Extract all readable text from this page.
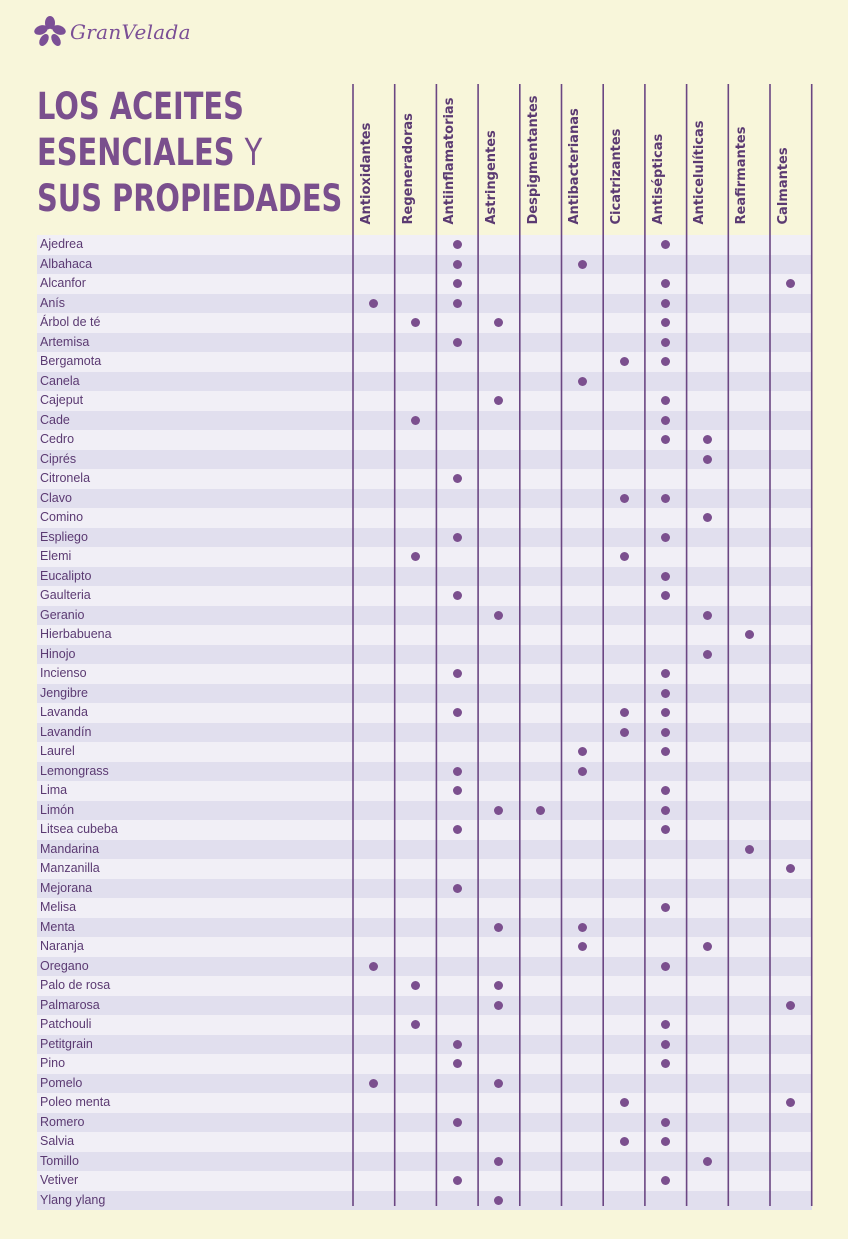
GranVelada
LOS ACEITES
ESENCIALES Y
SUS PROPIEDADES Antioxidantes Regeneradoras Antiinflamatorias Astringentes Despigmentantes Antibacterianas Cicatrizantes Antisépticas Anticelulíticas Reafirmantes Calmantes
Ajedrea
Albahaca
Alcanfor
Anís
Árbol de té
Artemisa
Bergamota
Canela
Cajeput
Cade
Cedro
Ciprés
Citronela
Clavo
Comino
Espliego
Elemi
Eucalipto
Gaulteria
Geranio
Hierbabuena
Hinojo
Incienso
Jengibre
Lavanda
Lavandín
Laurel
Lemongrass
Lima
Limón
Litsea cubeba
Mandarina
Manzanilla
Mejorana
Melisa
Menta
Naranja
Oregano
Palo de rosa
Palmarosa
Patchouli
Petitgrain
Pino
Pomelo
Poleo menta
Romero
Salvia
Tomillo
Vetiver
Ylang ylang
